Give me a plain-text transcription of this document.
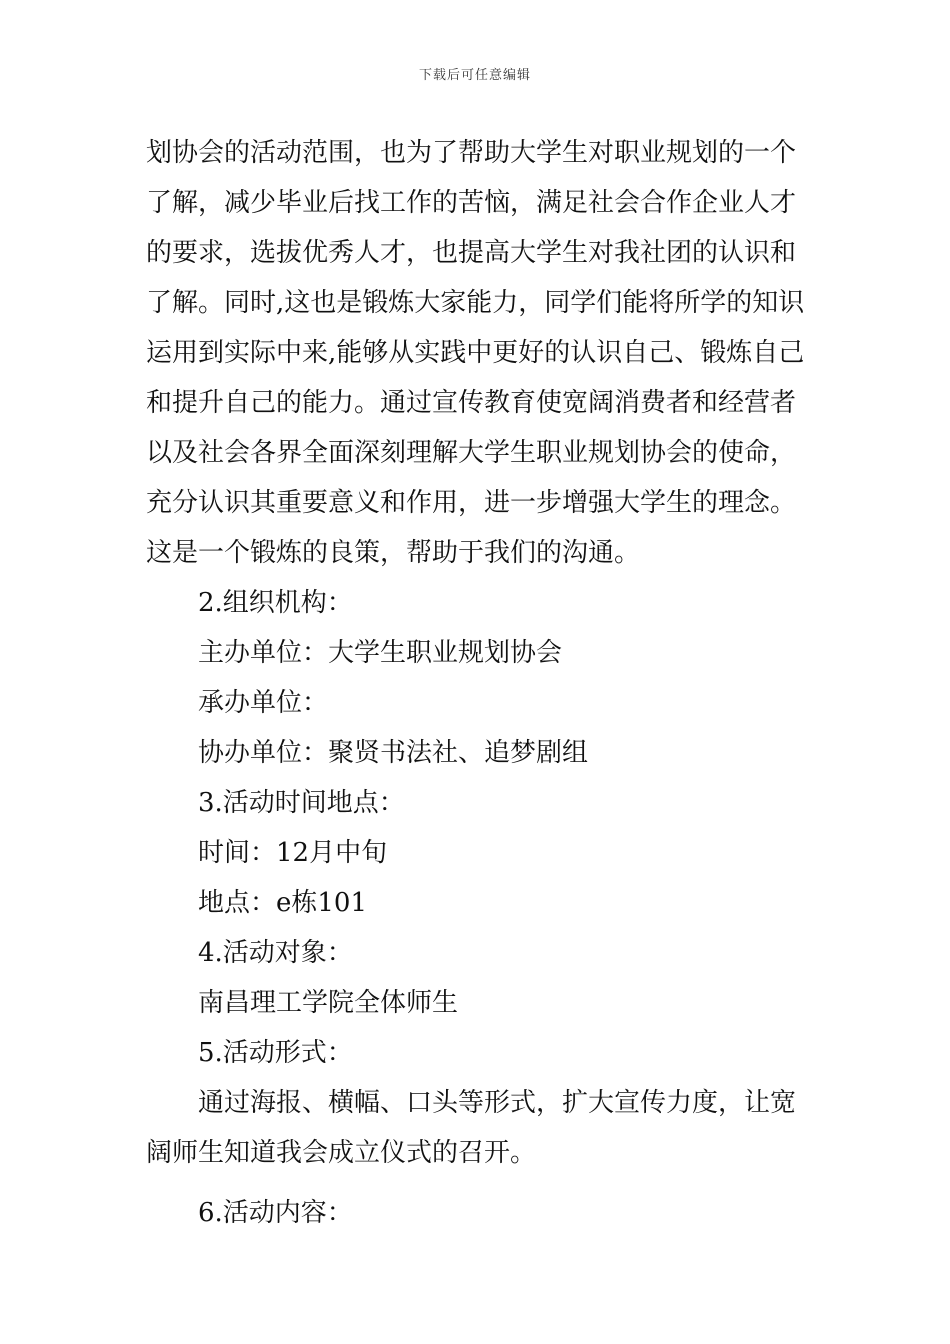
下载后可任意编辑

划协会的活动范围，也为了帮助大学生对职业规划的一个
了解，减少毕业后找工作的苦恼，满足社会合作企业人才
的要求，选拔优秀人才，也提高大学生对我社团的认识和
了解。同时,这也是锻炼大家能力，同学们能将所学的知识
运用到实际中来,能够从实践中更好的认识自己、锻炼自己
和提升自己的能力。通过宣传教育使宽阔消费者和经营者
以及社会各界全面深刻理解大学生职业规划协会的使命，
充分认识其重要意义和作用，进一步增强大学生的理念。
这是一个锻炼的良策，帮助于我们的沟通。

2.组织机构：

主办单位：大学生职业规划协会

承办单位：

协办单位：聚贤书法社、追梦剧组

3.活动时间地点：

时间：12月中旬

地点：e栋101

4.活动对象：

南昌理工学院全体师生

5.活动形式：

通过海报、横幅、口头等形式，扩大宣传力度，让宽
阔师生知道我会成立仪式的召开。

6.活动内容：
